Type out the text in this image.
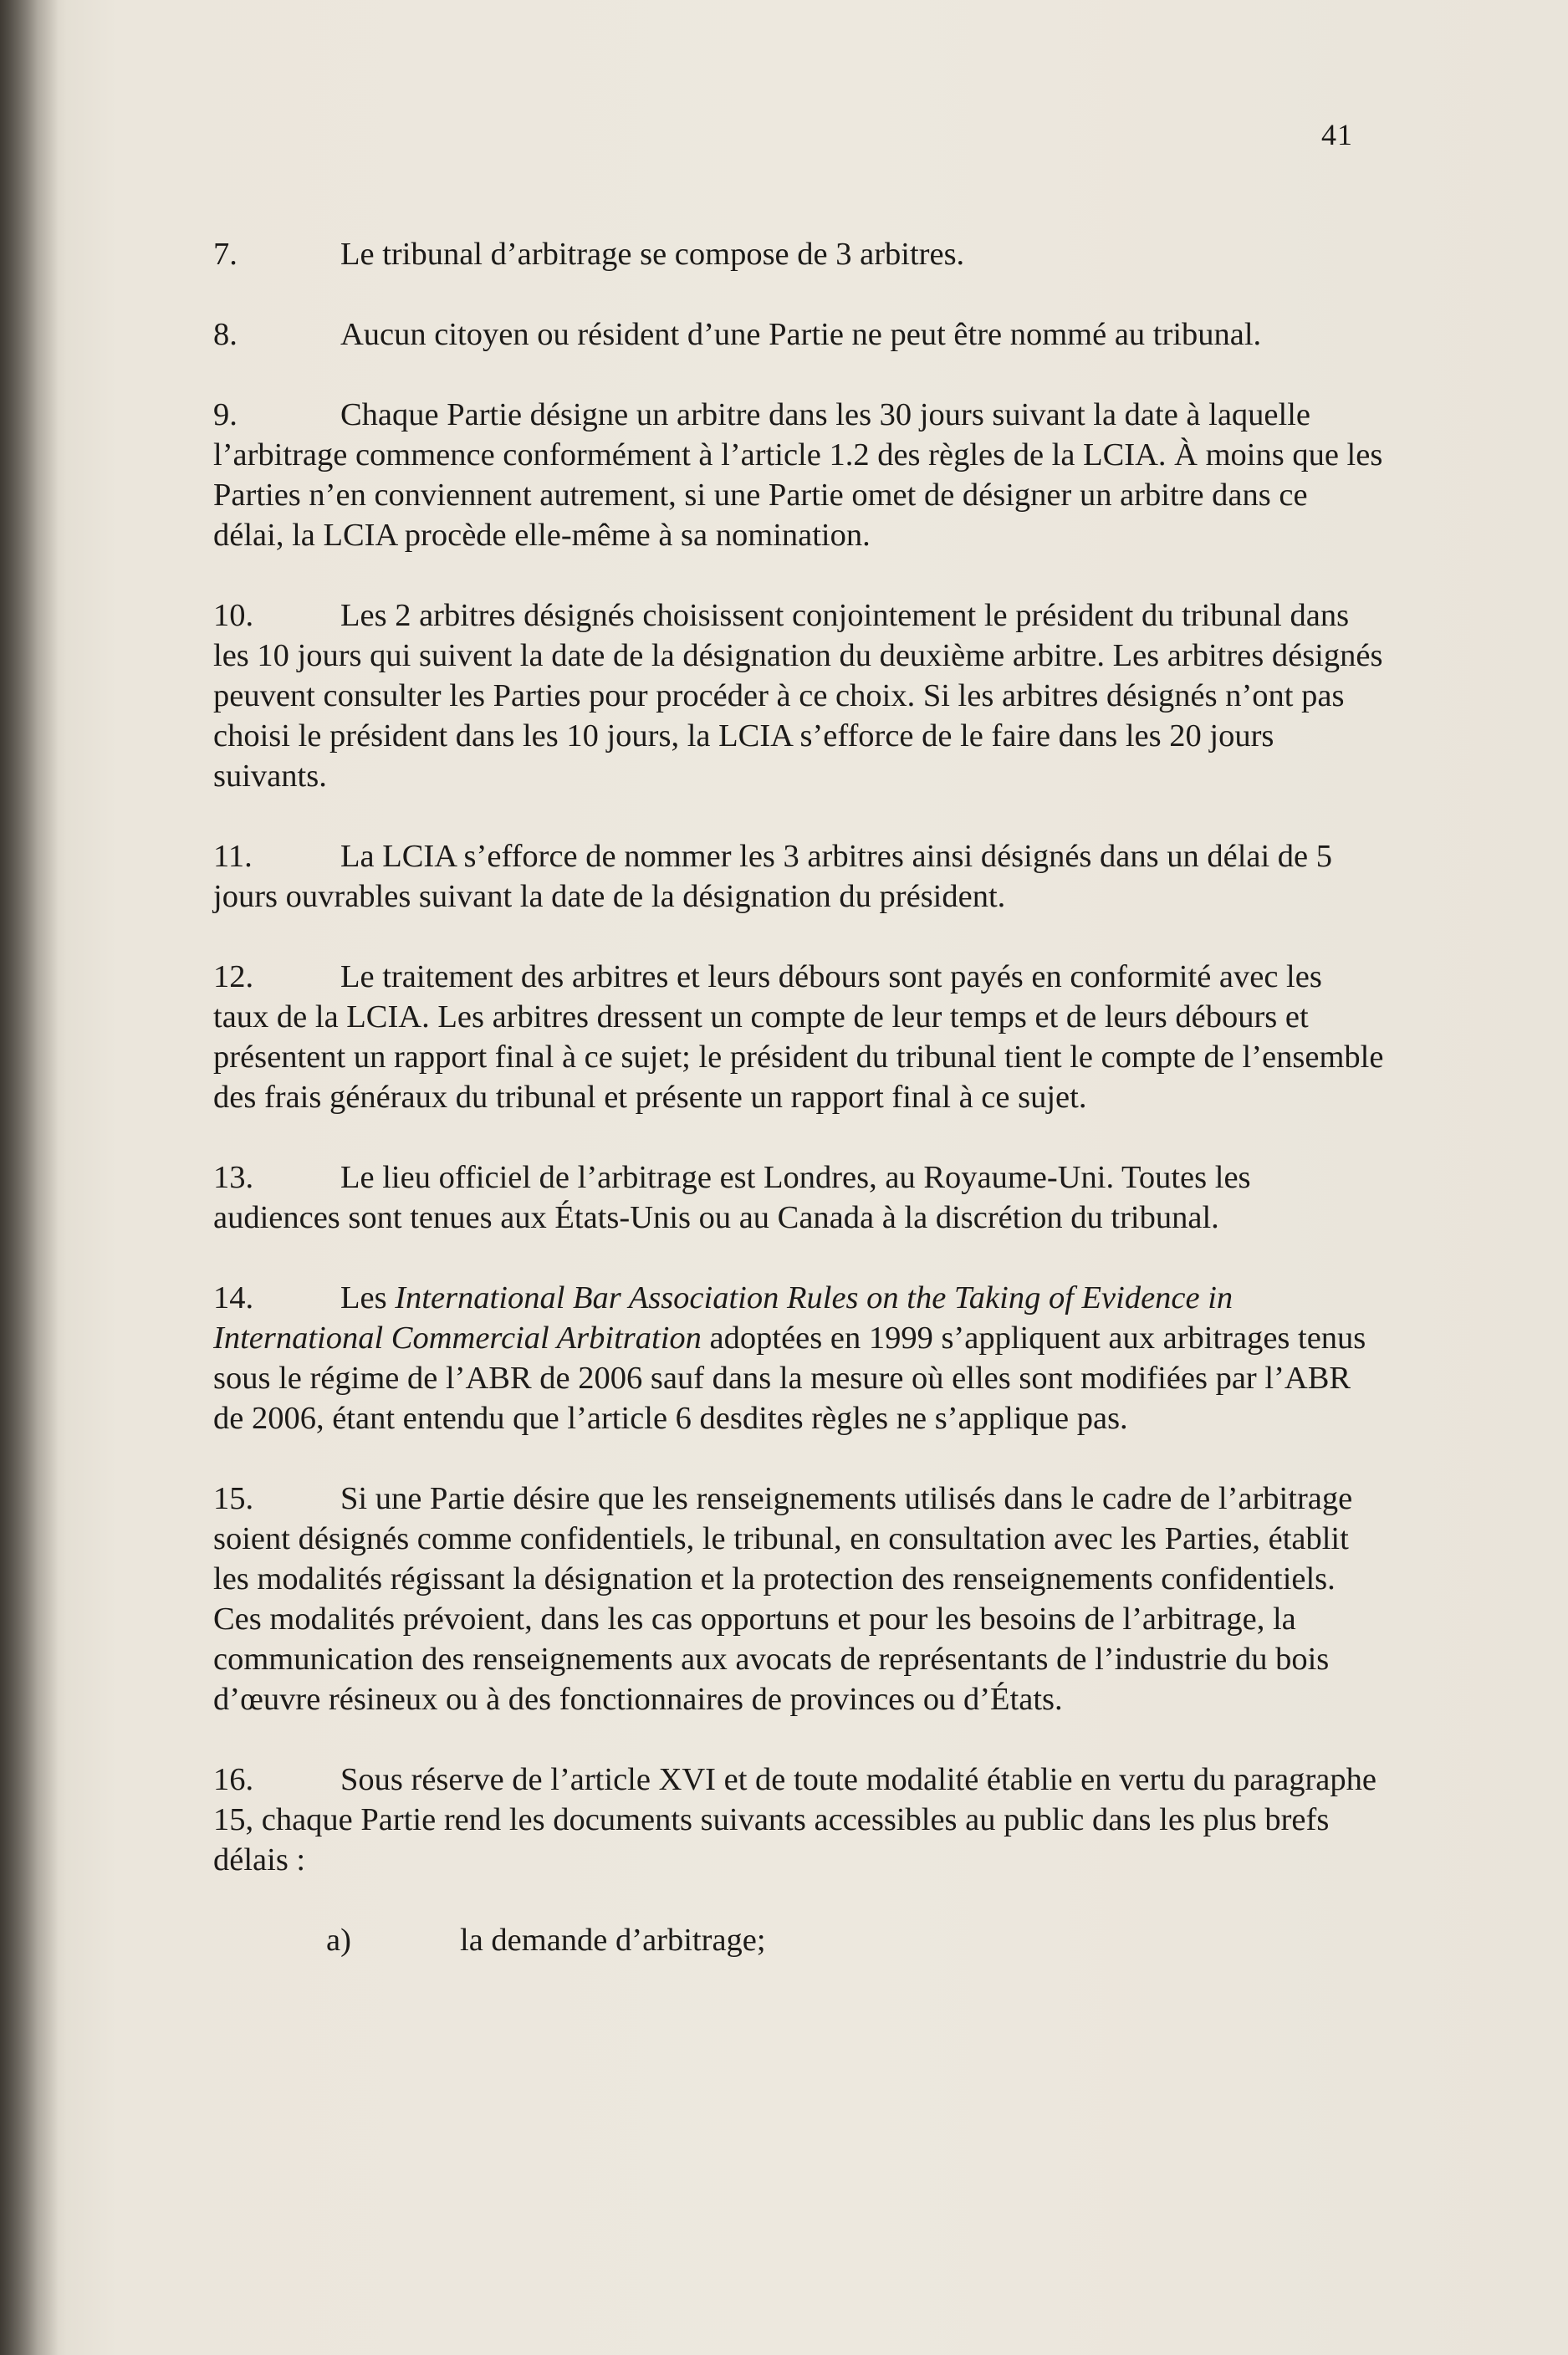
41

7.	Le tribunal d’arbitrage se compose de 3 arbitres.

8.	Aucun citoyen ou résident d’une Partie ne peut être nommé au tribunal.

9.	Chaque Partie désigne un arbitre dans les 30 jours suivant la date à laquelle l’arbitrage commence conformément à l’article 1.2 des règles de la LCIA. À moins que les Parties n’en conviennent autrement, si une Partie omet de désigner un arbitre dans ce délai, la LCIA procède elle-même à sa nomination.

10.	Les 2 arbitres désignés choisissent conjointement le président du tribunal dans les 10 jours qui suivent la date de la désignation du deuxième arbitre. Les arbitres désignés peuvent consulter les Parties pour procéder à ce choix. Si les arbitres désignés n’ont pas choisi le président dans les 10 jours, la LCIA s’efforce de le faire dans les 20 jours suivants.

11.	La LCIA s’efforce de nommer les 3 arbitres ainsi désignés dans un délai de 5 jours ouvrables suivant la date de la désignation du président.

12.	Le traitement des arbitres et leurs débours sont payés en conformité avec les taux de la LCIA. Les arbitres dressent un compte de leur temps et de leurs débours et présentent un rapport final à ce sujet; le président du tribunal tient le compte de l’ensemble des frais généraux du tribunal et présente un rapport final à ce sujet.

13.	Le lieu officiel de l’arbitrage est Londres, au Royaume-Uni. Toutes les audiences sont tenues aux États-Unis ou au Canada à la discrétion du tribunal.

14.	Les International Bar Association Rules on the Taking of Evidence in International Commercial Arbitration adoptées en 1999 s’appliquent aux arbitrages tenus sous le régime de l’ABR de 2006 sauf dans la mesure où elles sont modifiées par l’ABR de 2006, étant entendu que l’article 6 desdites règles ne s’applique pas.

15.	Si une Partie désire que les renseignements utilisés dans le cadre de l’arbitrage soient désignés comme confidentiels, le tribunal, en consultation avec les Parties, établit les modalités régissant la désignation et la protection des renseignements confidentiels. Ces modalités prévoient, dans les cas opportuns et pour les besoins de l’arbitrage, la communication des renseignements aux avocats de représentants de l’industrie du bois d’œuvre résineux ou à des fonctionnaires de provinces ou d’États.

16.	Sous réserve de l’article XVI et de toute modalité établie en vertu du paragraphe 15, chaque Partie rend les documents suivants accessibles au public dans les plus brefs délais :

a)	la demande d’arbitrage;
